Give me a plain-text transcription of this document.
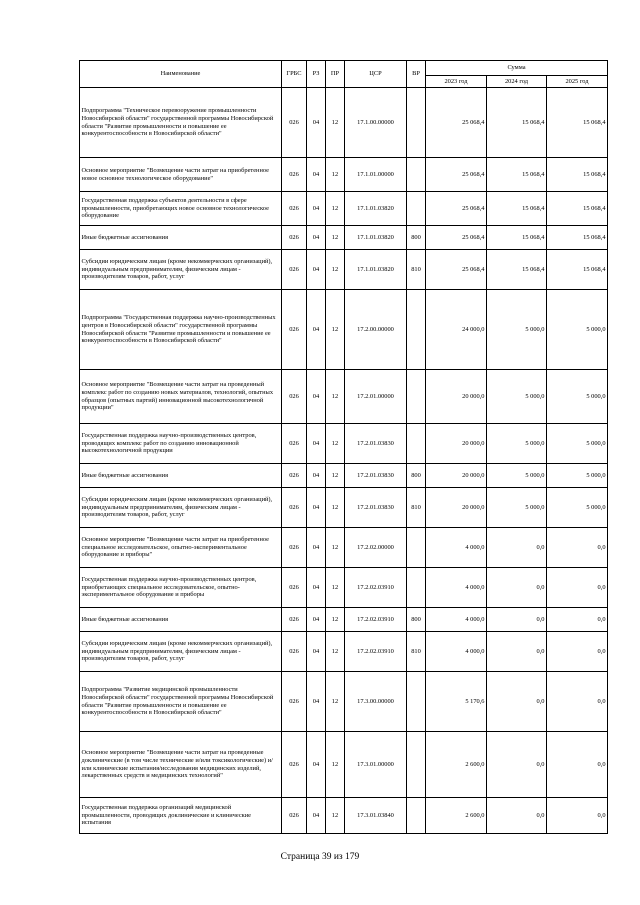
Наименование	ГРБС	РЗ	ПР	ЦСР	ВР	Сумма		
						2023 год	2024 год	2025 год
Подпрограмма "Техническое перевооружение промышленности Новосибирской области" государственной программы Новосибирской области "Развитие промышленности и повышение ее конкурентоспособности в Новосибирской области"	026	04	12	17.1.00.00000		25 068,4	15 068,4	15 068,4
Основное мероприятие "Возмещение части затрат на приобретенное новое основное технологическое оборудование"	026	04	12	17.1.01.00000		25 068,4	15 068,4	15 068,4
Государственная поддержка субъектов деятельности в сфере промышленности, приобретающих новое основное технологическое оборудование	026	04	12	17.1.01.03820		25 068,4	15 068,4	15 068,4
Иные бюджетные ассигнования	026	04	12	17.1.01.03820	800	25 068,4	15 068,4	15 068,4
Субсидии юридическим лицам (кроме некоммерческих организаций), индивидуальным предпринимателям, физическим лицам - производителям товаров, работ, услуг	026	04	12	17.1.01.03820	810	25 068,4	15 068,4	15 068,4
Подпрограмма "Государственная поддержка научно-производственных центров в Новосибирской области" государственной программы Новосибирской области "Развитие промышленности и повышение ее конкурентоспособности в Новосибирской области"	026	04	12	17.2.00.00000		24 000,0	5 000,0	5 000,0
Основное мероприятие "Возмещение части затрат на проведенный комплекс работ по созданию новых материалов, технологий, опытных образцов (опытных партий) инновационной высокотехнологичной продукции"	026	04	12	17.2.01.00000		20 000,0	5 000,0	5 000,0
Государственная поддержка научно-производственных центров, проводящих комплекс работ по созданию инновационной высокотехнологичной продукции	026	04	12	17.2.01.03830		20 000,0	5 000,0	5 000,0
Иные бюджетные ассигнования	026	04	12	17.2.01.03830	800	20 000,0	5 000,0	5 000,0
Субсидии юридическим лицам (кроме некоммерческих организаций), индивидуальным предпринимателям, физическим лицам - производителям товаров, работ, услуг	026	04	12	17.2.01.03830	810	20 000,0	5 000,0	5 000,0
Основное мероприятие "Возмещение части затрат на приобретенное специальное исследовательское, опытно-экспериментальное оборудование и приборы"	026	04	12	17.2.02.00000		4 000,0	0,0	0,0
Государственная поддержка научно-производственных центров, приобретающих специальное исследовательское, опытно-экспериментальное оборудование и приборы	026	04	12	17.2.02.03910		4 000,0	0,0	0,0
Иные бюджетные ассигнования	026	04	12	17.2.02.03910	800	4 000,0	0,0	0,0
Субсидии юридическим лицам (кроме некоммерческих организаций), индивидуальным предпринимателям, физическим лицам - производителям товаров, работ, услуг	026	04	12	17.2.02.03910	810	4 000,0	0,0	0,0
Подпрограмма "Развитие медицинской промышленности Новосибирской области" государственной программы Новосибирской области "Развитие промышленности и повышение ее конкурентоспособности в Новосибирской области"	026	04	12	17.3.00.00000		5 170,6	0,0	0,0
Основное мероприятие "Возмещение части затрат на проведенные доклинические (в том числе технические и/или токсикологические) и/или клинические испытания/исследования медицинских изделий, лекарственных средств и медицинских технологий"	026	04	12	17.3.01.00000		2 600,0	0,0	0,0
Государственная поддержка организаций медицинской промышленности, проводящих доклинические и клинические испытания	026	04	12	17.3.01.03840		2 600,0	0,0	0,0
Страница 39 из 179
